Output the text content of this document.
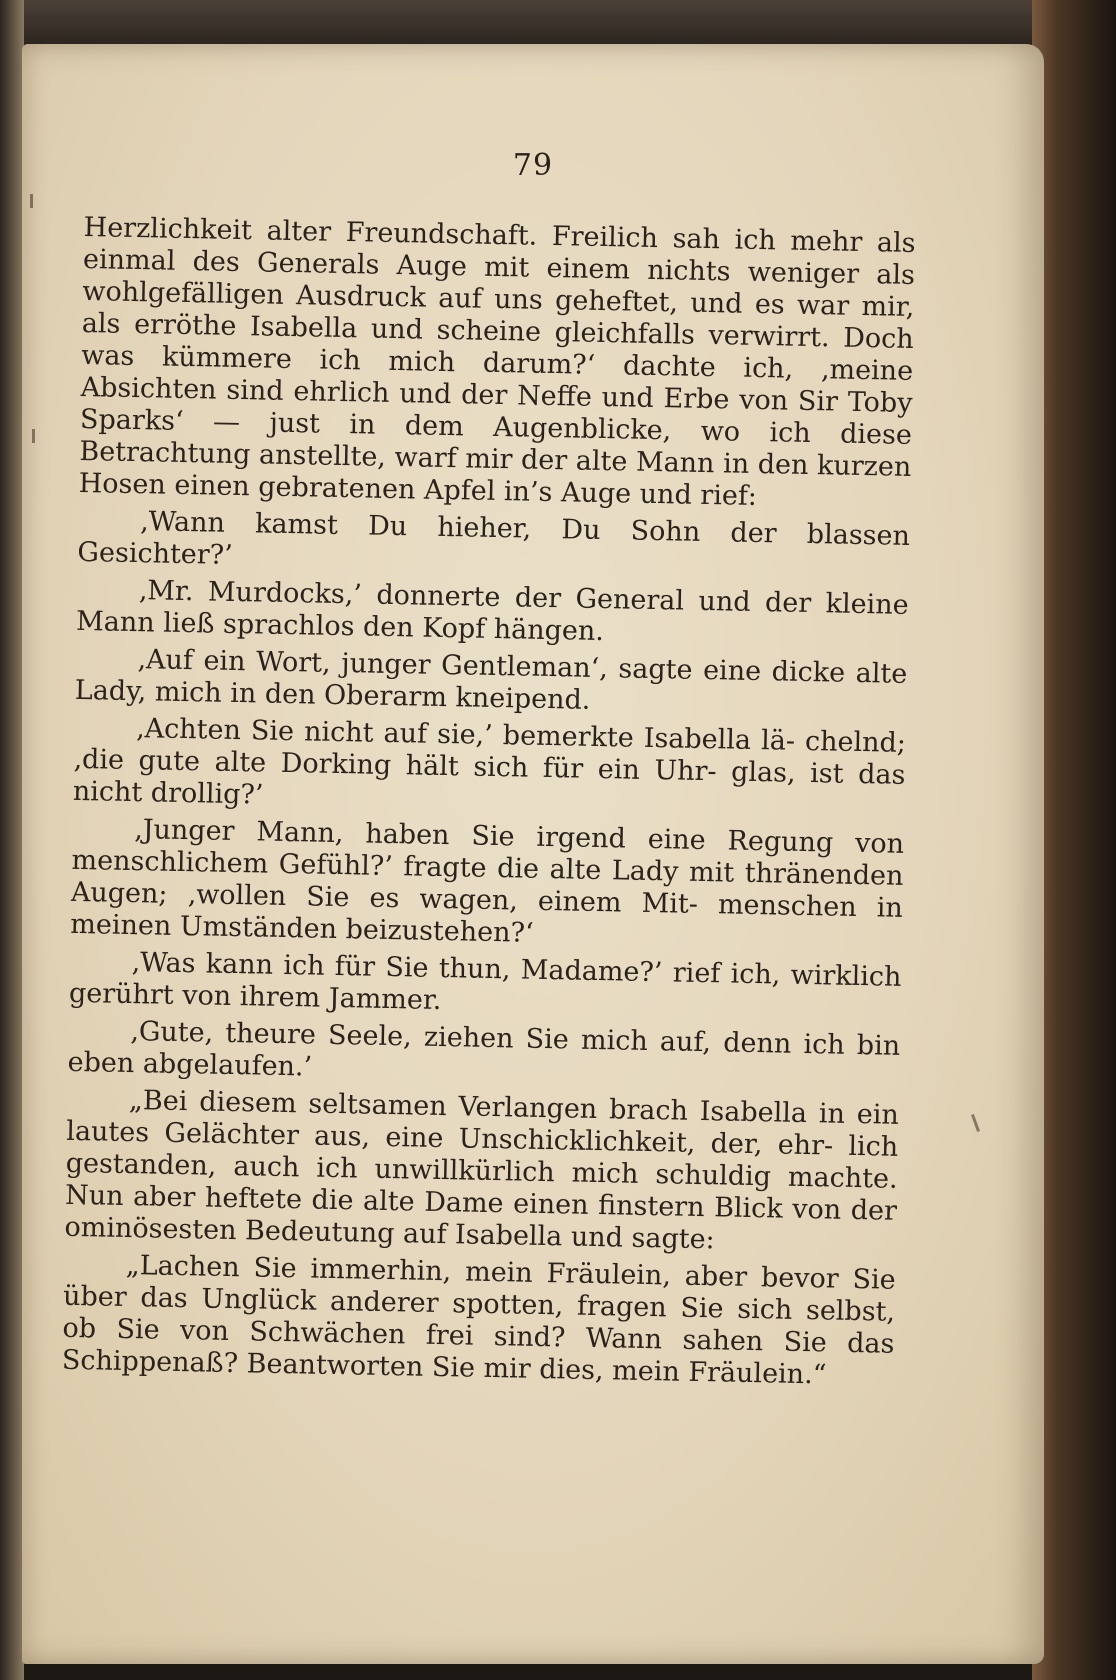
79

Herzlichkeit alter Freundschaft. Freilich sah ich mehr als einmal des Generals Auge mit einem nichts weniger als wohlgefälligen Ausdruck auf uns geheftet, und es war mir, als erröthe Isabella und scheine gleichfalls verwirrt. Doch was kümmere ich mich darum?‘ dachte ich, ‚meine Absichten sind ehrlich und der Neffe und Erbe von Sir Toby Sparks‘ — just in dem Augenblicke, wo ich diese Betrachtung anstellte, warf mir der alte Mann in den kurzen Hosen einen gebratenen Apfel in’s Auge und rief:

‚Wann kamst Du hieher, Du Sohn der blassen Gesichter?’

‚Mr. Murdocks,’ donnerte der General und der kleine Mann ließ sprachlos den Kopf hängen.

‚Auf ein Wort, junger Gentleman‘, sagte eine dicke alte Lady, mich in den Oberarm kneipend.

‚Achten Sie nicht auf sie,’ bemerkte Isabella lä- chelnd; ‚die gute alte Dorking hält sich für ein Uhr- glas, ist das nicht drollig?’

‚Junger Mann, haben Sie irgend eine Regung von menschlichem Gefühl?’ fragte die alte Lady mit thränenden Augen; ‚wollen Sie es wagen, einem Mit- menschen in meinen Umständen beizustehen?‘

‚Was kann ich für Sie thun, Madame?’ rief ich, wirklich gerührt von ihrem Jammer.

‚Gute, theure Seele, ziehen Sie mich auf, denn ich bin eben abgelaufen.’

„Bei diesem seltsamen Verlangen brach Isabella in ein lautes Gelächter aus, eine Unschicklichkeit, der, ehr- lich gestanden, auch ich unwillkürlich mich schuldig machte. Nun aber heftete die alte Dame einen finstern Blick von der ominösesten Bedeutung auf Isabella und sagte:

„Lachen Sie immerhin, mein Fräulein, aber bevor Sie über das Unglück anderer spotten, fragen Sie sich selbst, ob Sie von Schwächen frei sind? Wann sahen Sie das Schippenaß? Beantworten Sie mir dies, mein Fräulein.“
